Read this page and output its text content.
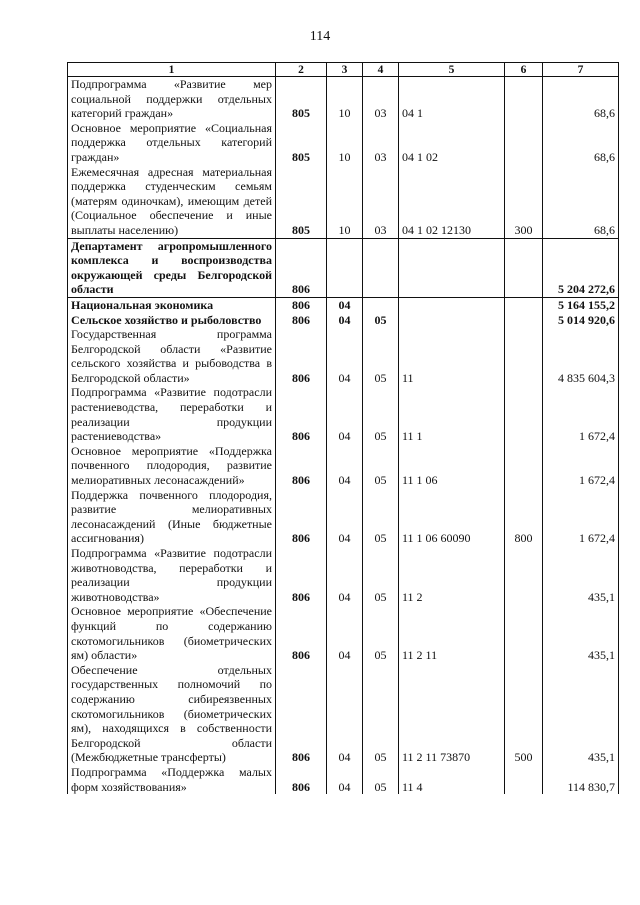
114
1	2	3	4	5	6	7
Подпрограмма «Развитие мер социальной поддержки отдельных категорий граждан»	805	10	03	04 1		68,6
Основное мероприятие «Социальная поддержка отдельных категорий граждан»	805	10	03	04 1 02		68,6
Ежемесячная адресная материальная поддержка студенческим семьям (матерям одиночкам), имеющим детей (Социальное обеспечение и иные выплаты населению)	805	10	03	04 1 02 12130	300	68,6
Департамент агропромышленного комплекса и воспроизводства окружающей среды Белгородской области	806					5 204 272,6
Национальная экономика	806	04				5 164 155,2
Сельское хозяйство и рыболовство	806	04	05			5 014 920,6
Государственная программа Белгородской области «Развитие сельского хозяйства и рыбоводства в Белгородской области»	806	04	05	11		4 835 604,3
Подпрограмма «Развитие подотрасли растениеводства, переработки и реализации продукции растениеводства»	806	04	05	11 1		1 672,4
Основное мероприятие «Поддержка почвенного плодородия, развитие мелиоративных лесонасаждений»	806	04	05	11 1 06		1 672,4
Поддержка почвенного плодородия, развитие мелиоративных лесонасаждений (Иные бюджетные ассигнования)	806	04	05	11 1 06 60090	800	1 672,4
Подпрограмма «Развитие подотрасли животноводства, переработки и реализации продукции животноводства»	806	04	05	11 2		435,1
Основное мероприятие «Обеспечение функций по содержанию скотомогильников (биометрических ям) области»	806	04	05	11 2 11		435,1
Обеспечение отдельных государственных полномочий по содержанию сибиреязвенных скотомогильников (биометрических ям), находящихся в собственности Белгородской области (Межбюджетные трансферты)	806	04	05	11 2 11 73870	500	435,1
Подпрограмма «Поддержка малых форм хозяйствования»	806	04	05	11 4		114 830,7
